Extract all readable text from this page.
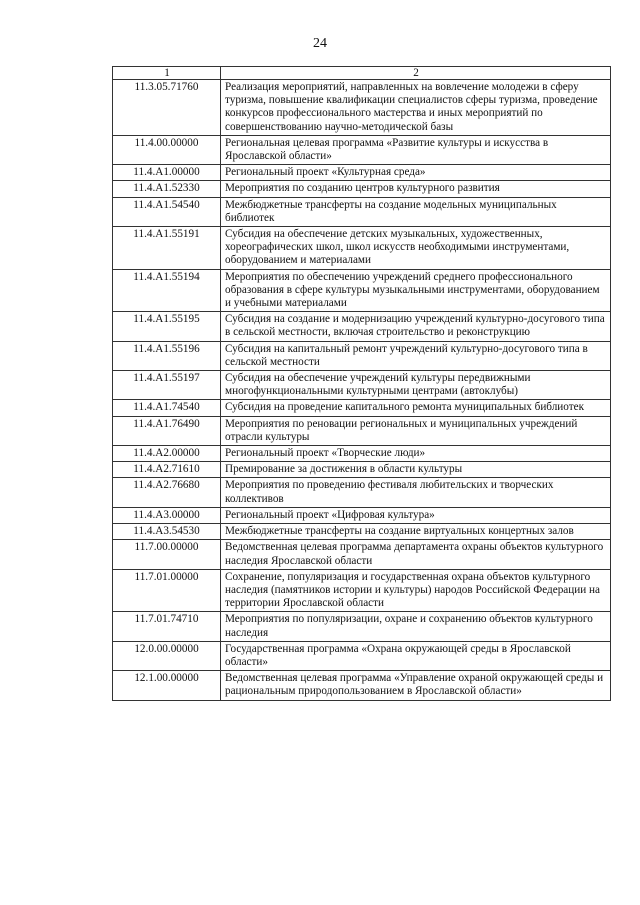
24
1	2
11.3.05.71760	Реализация мероприятий, направленных на вовлечение молодежи в сферу туризма, повышение квалификации специалистов сферы туризма, проведение конкурсов профессионального мастерства и иных мероприятий по совершенствованию научно-методической базы
11.4.00.00000	Региональная целевая программа «Развитие культуры и искусства в Ярославской области»
11.4.A1.00000	Региональный проект «Культурная среда»
11.4.A1.52330	Мероприятия по созданию центров культурного развития
11.4.A1.54540	Межбюджетные трансферты на создание модельных муниципальных библиотек
11.4.A1.55191	Субсидия на обеспечение детских музыкальных, художественных, хореографических школ, школ искусств необходимыми инструментами, оборудованием и материалами
11.4.A1.55194	Мероприятия по обеспечению учреждений среднего профессионального образования в сфере культуры музыкальными инструментами, оборудованием и учебными материалами
11.4.A1.55195	Субсидия на создание и модернизацию учреждений культурно-досугового типа в сельской местности, включая строительство и реконструкцию
11.4.A1.55196	Субсидия на капитальный ремонт учреждений культурно-досугового типа в сельской местности
11.4.A1.55197	Субсидия на обеспечение учреждений культуры передвижными многофункциональными культурными центрами (автоклубы)
11.4.A1.74540	Субсидия на проведение капитального ремонта муниципальных библиотек
11.4.A1.76490	Мероприятия по реновации региональных и муниципальных учреждений отрасли культуры
11.4.A2.00000	Региональный проект «Творческие люди»
11.4.A2.71610	Премирование за достижения в области культуры
11.4.A2.76680	Мероприятия по проведению фестиваля любительских и творческих коллективов
11.4.A3.00000	Региональный проект «Цифровая культура»
11.4.A3.54530	Межбюджетные трансферты на создание виртуальных концертных залов
11.7.00.00000	Ведомственная целевая программа департамента охраны объектов культурного наследия Ярославской области
11.7.01.00000	Сохранение, популяризация и государственная охрана объектов культурного наследия (памятников истории и культуры) народов Российской Федерации на территории Ярославской области
11.7.01.74710	Мероприятия по популяризации, охране и сохранению объектов культурного наследия
12.0.00.00000	Государственная программа «Охрана окружающей среды в Ярославской области»
12.1.00.00000	Ведомственная целевая программа «Управление охраной окружающей среды и рациональным природопользованием в Ярославской области»
